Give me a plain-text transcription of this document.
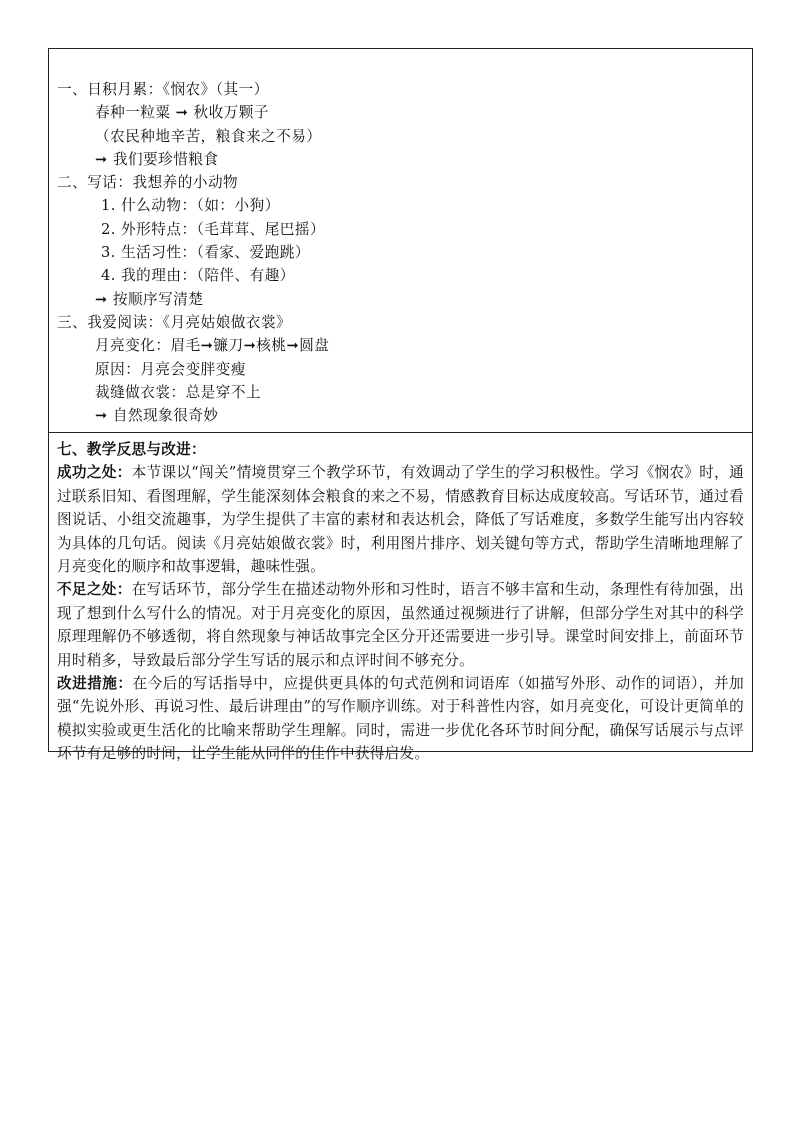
一、日积月累：《悯农》（其一）
春种一粒粟 ➞ 秋收万颗子
（农民种地辛苦，粮食来之不易）
➞ 我们要珍惜粮食
二、写话：我想养的小动物
1. 什么动物：（如：小狗）
2. 外形特点：（毛茸茸、尾巴摇）
3. 生活习性：（看家、爱跑跳）
4. 我的理由：（陪伴、有趣）
➞ 按顺序写清楚
三、我爱阅读：《月亮姑娘做衣裳》
月亮变化：眉毛➞镰刀➞核桃➞圆盘
原因：月亮会变胖变瘦
裁缝做衣裳：总是穿不上
➞ 自然现象很奇妙

七、教学反思与改进：

成功之处：本节课以“闯关”情境贯穿三个教学环节，有效调动了学生的学习积极性。学习《悯农》时，通过联系旧知、看图理解，学生能深刻体会粮食的来之不易，情感教育目标达成度较高。写话环节，通过看图说话、小组交流趣事，为学生提供了丰富的素材和表达机会，降低了写话难度，多数学生能写出内容较为具体的几句话。阅读《月亮姑娘做衣裳》时，利用图片排序、划关键句等方式，帮助学生清晰地理解了月亮变化的顺序和故事逻辑，趣味性强。

不足之处：在写话环节，部分学生在描述动物外形和习性时，语言不够丰富和生动，条理性有待加强，出现了想到什么写什么的情况。对于月亮变化的原因，虽然通过视频进行了讲解，但部分学生对其中的科学原理理解仍不够透彻，将自然现象与神话故事完全区分开还需要进一步引导。课堂时间安排上，前面环节用时稍多，导致最后部分学生写话的展示和点评时间不够充分。

改进措施：在今后的写话指导中，应提供更具体的句式范例和词语库（如描写外形、动作的词语），并加强“先说外形、再说习性、最后讲理由”的写作顺序训练。对于科普性内容，如月亮变化，可设计更简单的模拟实验或更生活化的比喻来帮助学生理解。同时，需进一步优化各环节时间分配，确保写话展示与点评环节有足够的时间，让学生能从同伴的佳作中获得启发。
